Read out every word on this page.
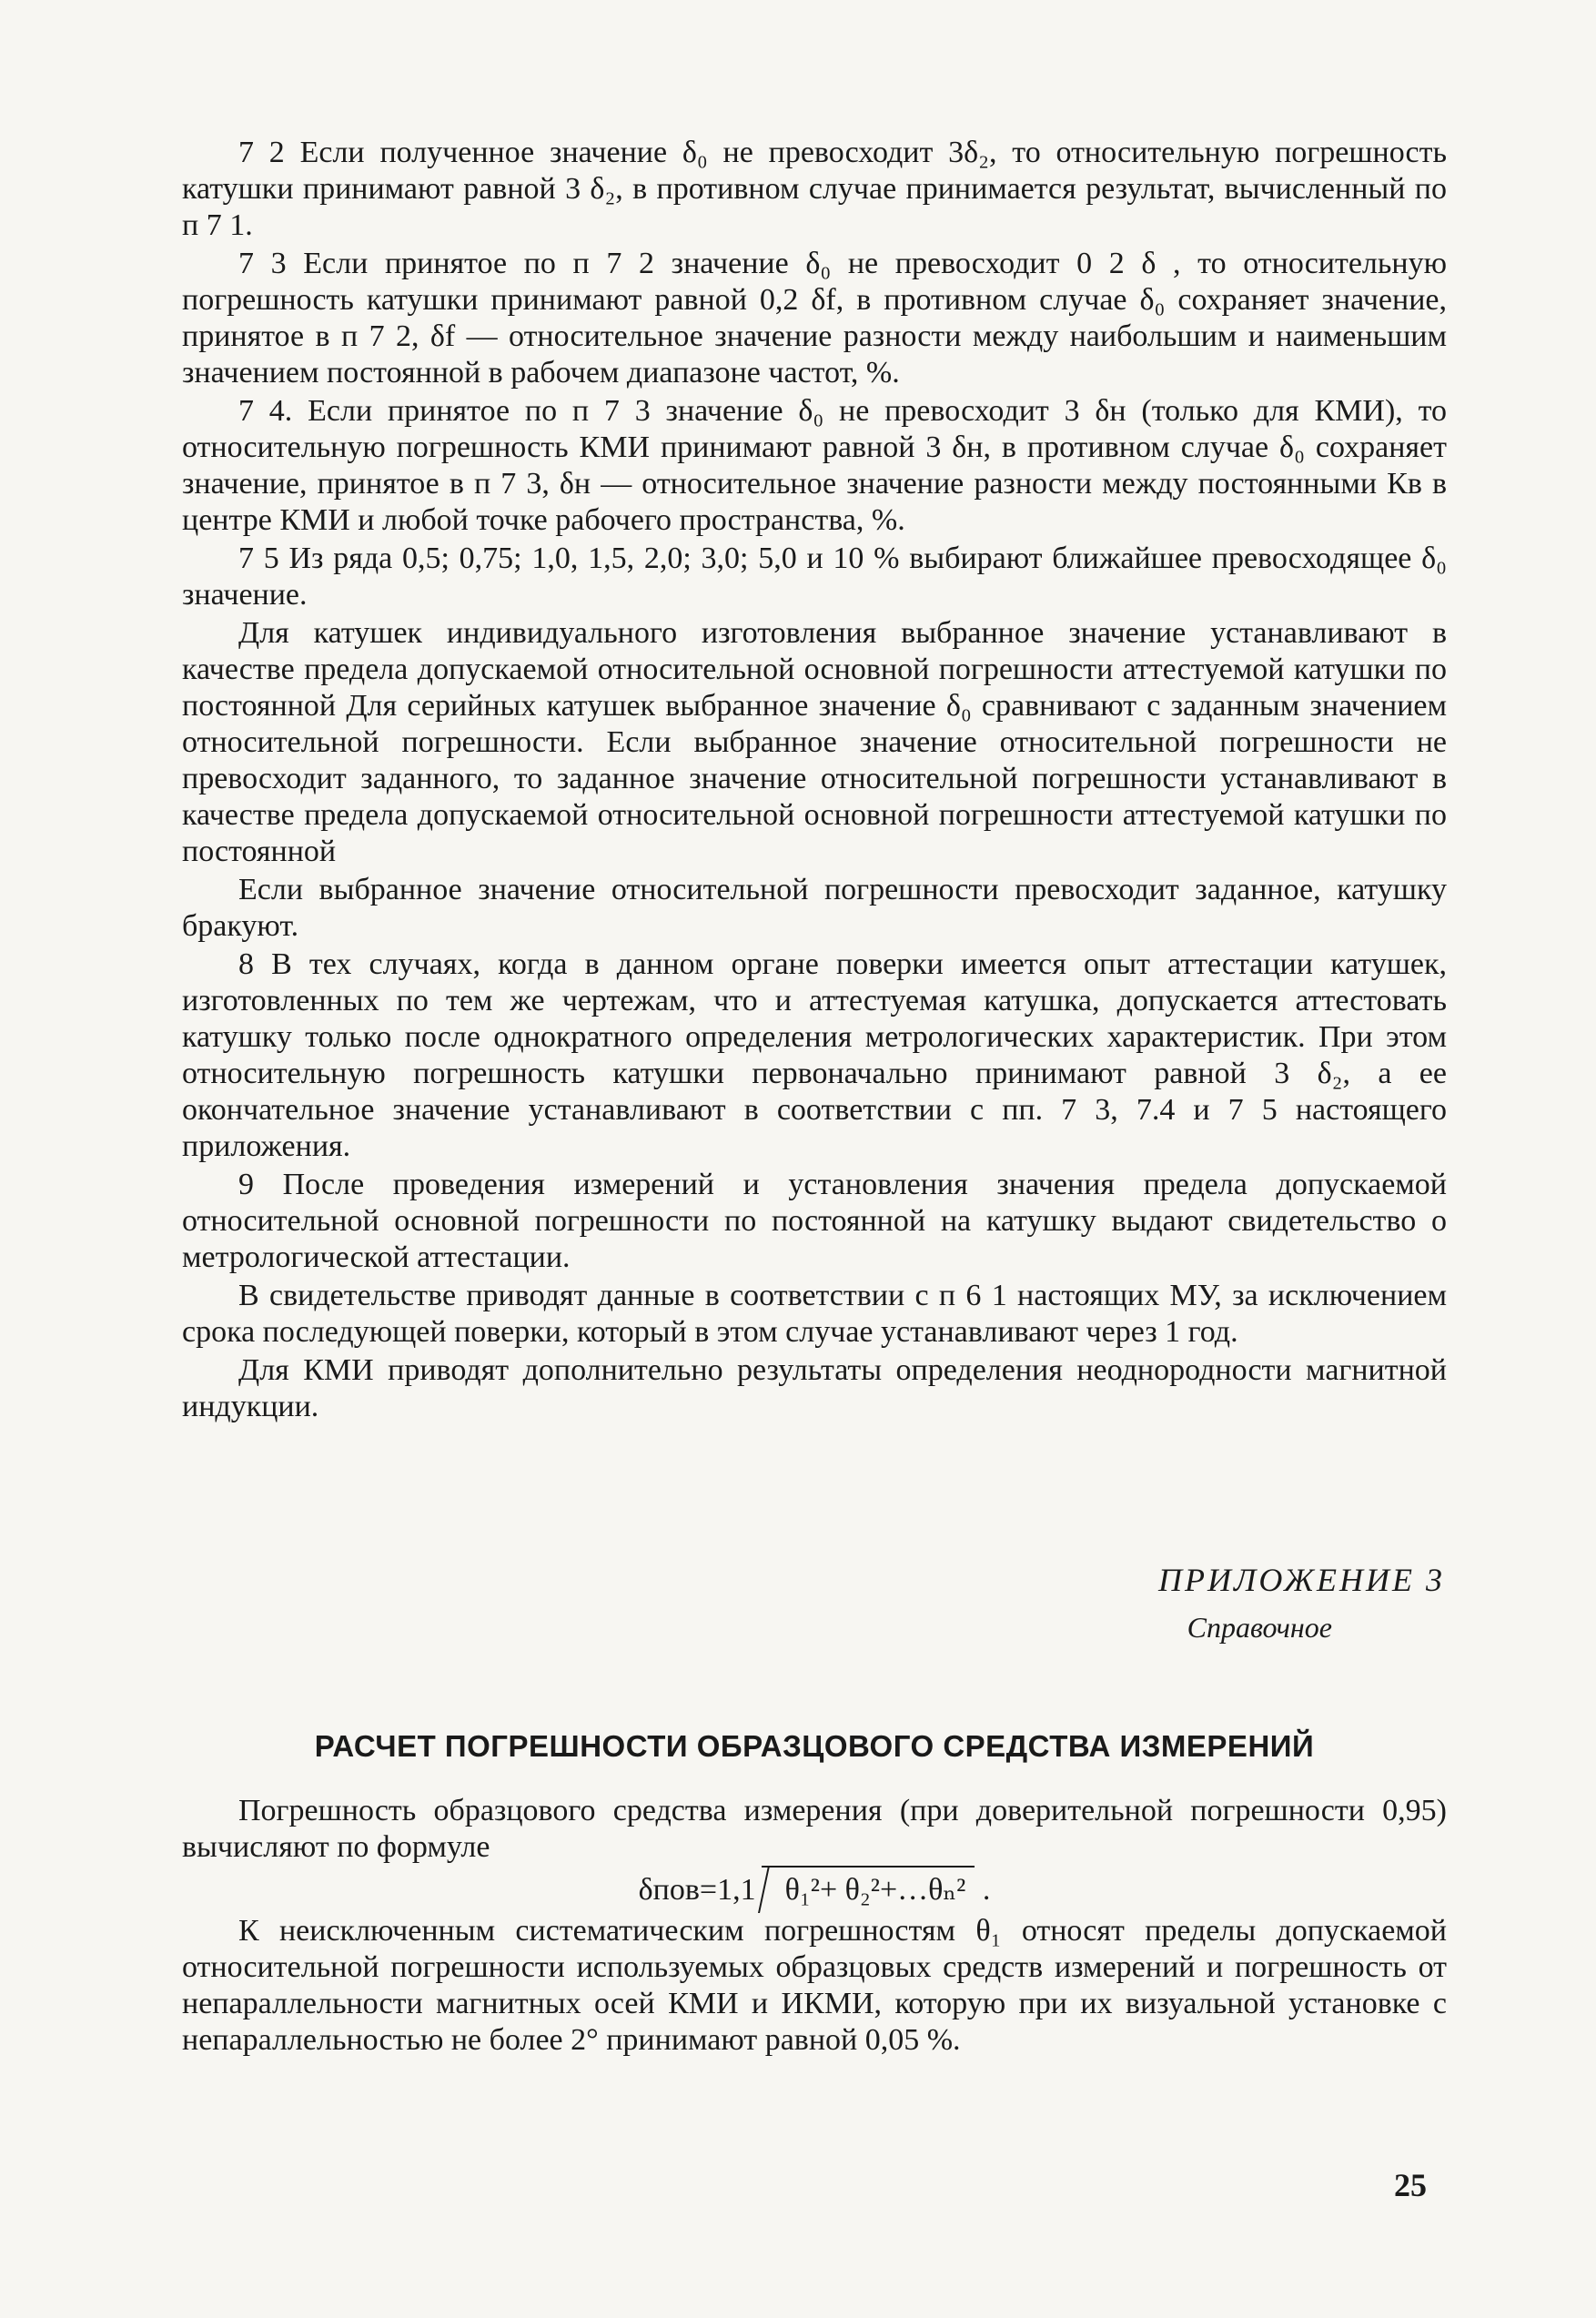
7 2 Если полученное значение δ₀ не превосходит 3δ₂, то относительную погрешность катушки принимают равной 3 δ₂, в противном случае принимается результат, вычисленный по п 7 1.

7 3 Если принятое по п 7 2 значение δ₀ не превосходит 0 2 δ , то относительную погрешность катушки принимают равной 0,2 δf, в противном случае δ₀ сохраняет значение, принятое в п 7 2, δf — относительное значение разности между наибольшим и наименьшим значением постоянной в рабочем диапазоне частот, %.

7 4. Если принятое по п 7 3 значение δ₀ не превосходит 3 δн (только для КМИ), то относительную погрешность КМИ принимают равной 3 δн, в противном случае δ₀ сохраняет значение, принятое в п 7 3, δн — относительное значение разности между постоянными Кв в центре КМИ и любой точке рабочего пространства, %.

7 5 Из ряда 0,5; 0,75; 1,0, 1,5, 2,0; 3,0; 5,0 и 10 % выбирают ближайшее превосходящее δ₀ значение.

Для катушек индивидуального изготовления выбранное значение устанавливают в качестве предела допускаемой относительной основной погрешности аттестуемой катушки по постоянной Для серийных катушек выбранное значение δ₀ сравнивают с заданным значением относительной погрешности. Если выбранное значение относительной погрешности не превосходит заданного, то заданное значение относительной погрешности устанавливают в качестве предела допускаемой относительной основной погрешности аттестуемой катушки по постоянной

Если выбранное значение относительной погрешности превосходит заданное, катушку бракуют.

8 В тех случаях, когда в данном органе поверки имеется опыт аттестации катушек, изготовленных по тем же чертежам, что и аттестуемая катушка, допускается аттестовать катушку только после однократного определения метрологических характеристик. При этом относительную погрешность катушки первоначально принимают равной 3 δ₂, а ее окончательное значение устанавливают в соответствии с пп. 7 3, 7.4 и 7 5 настоящего приложения.

9 После проведения измерений и установления значения предела допускаемой относительной основной погрешности по постоянной на катушку выдают свидетельство о метрологической аттестации.

В свидетельстве приводят данные в соответствии с п 6 1 настоящих МУ, за исключением срока последующей поверки, который в этом случае устанавливают через 1 год.

Для КМИ приводят дополнительно результаты определения неоднородности магнитной индукции.

ПРИЛОЖЕНИЕ 3
Справочное
РАСЧЕТ ПОГРЕШНОСТИ ОБРАЗЦОВОГО СРЕДСТВА ИЗМЕРЕНИЙ

Погрешность образцового средства измерения (при доверительной погрешности 0,95) вычисляют по формуле

δпов=1,1 θ₁²+ θ₂²+…θₙ² .

К неисключенным систематическим погрешностям θ₁ относят пределы допускаемой относительной погрешности используемых образцовых средств измерений и погрешность от непараллельности магнитных осей КМИ и ИКМИ, которую при их визуальной установке с непараллельностью не более 2° принимают равной 0,05 %.

25
